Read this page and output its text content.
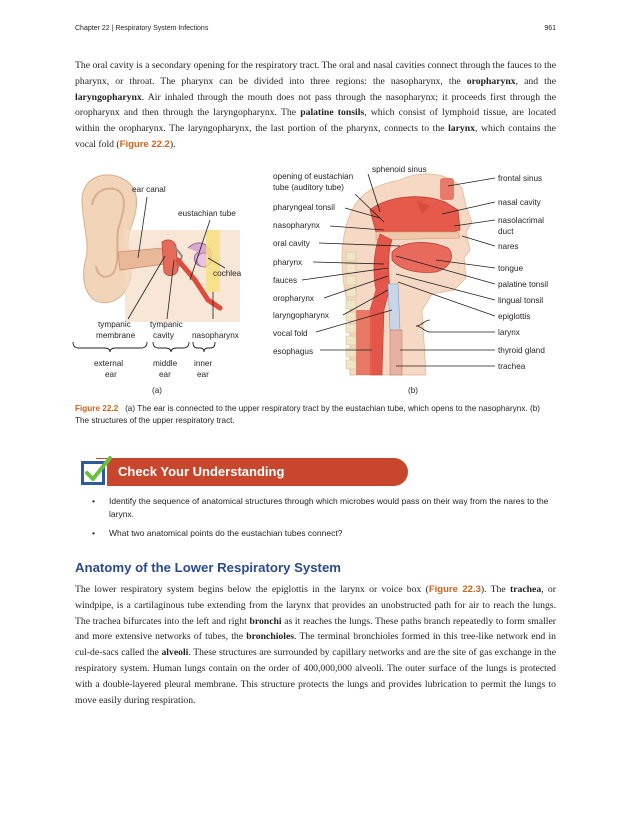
Chapter 22 | Respiratory System Infections	961

The oral cavity is a secondary opening for the respiratory tract. The oral and nasal cavities connect through the fauces to the pharynx, or throat. The pharynx can be divided into three regions: the nasopharynx, the oropharynx, and the laryngopharynx. Air inhaled through the mouth does not pass through the nasopharynx; it proceeds first through the oropharynx and then through the laryngopharynx. The palatine tonsils, which consist of lymphoid tissue, are located within the oropharynx. The laryngopharynx, the last portion of the pharynx, connects to the larynx, which contains the vocal fold (Figure 22.2).

ear canal
eustachian tube
cochlea
tympanic
membrane
tympanic
cavity nasopharynx
external
ear
middle
ear
inner
ear
(a)
opening of eustachian
tube (auditory tube)
pharyngeal tonsil
nasopharynx
oral cavity
pharynx
fauces
oropharynx
laryngopharynx
vocal fold
esophagus
sphenoid sinus
frontal sinus
nasal cavity
nasolacrimal
duct
nares
tongue
palatine tonsil
lingual tonsil
epiglottis
larynx
thyroid gland
trachea
(b)

Figure 22.2 (a) The ear is connected to the upper respiratory tract by the eustachian tube, which opens to the nasopharynx. (b) The structures of the upper respiratory tract.

Check Your Understanding
• Identify the sequence of anatomical structures through which microbes would pass on their way from the nares to the larynx.
• What two anatomical points do the eustachian tubes connect?
Anatomy of the Lower Respiratory System

The lower respiratory system begins below the epiglottis in the larynx or voice box (Figure 22.3). The trachea, or windpipe, is a cartilaginous tube extending from the larynx that provides an unobstructed path for air to reach the lungs. The trachea bifurcates into the left and right bronchi as it reaches the lungs. These paths branch repeatedly to form smaller and more extensive networks of tubes, the bronchioles. The terminal bronchioles formed in this tree-like network end in cul-de-sacs called the alveoli. These structures are surrounded by capillary networks and are the site of gas exchange in the respiratory system. Human lungs contain on the order of 400,000,000 alveoli. The outer surface of the lungs is protected with a double-layered pleural membrane. This structure protects the lungs and provides lubrication to permit the lungs to move easily during respiration.
